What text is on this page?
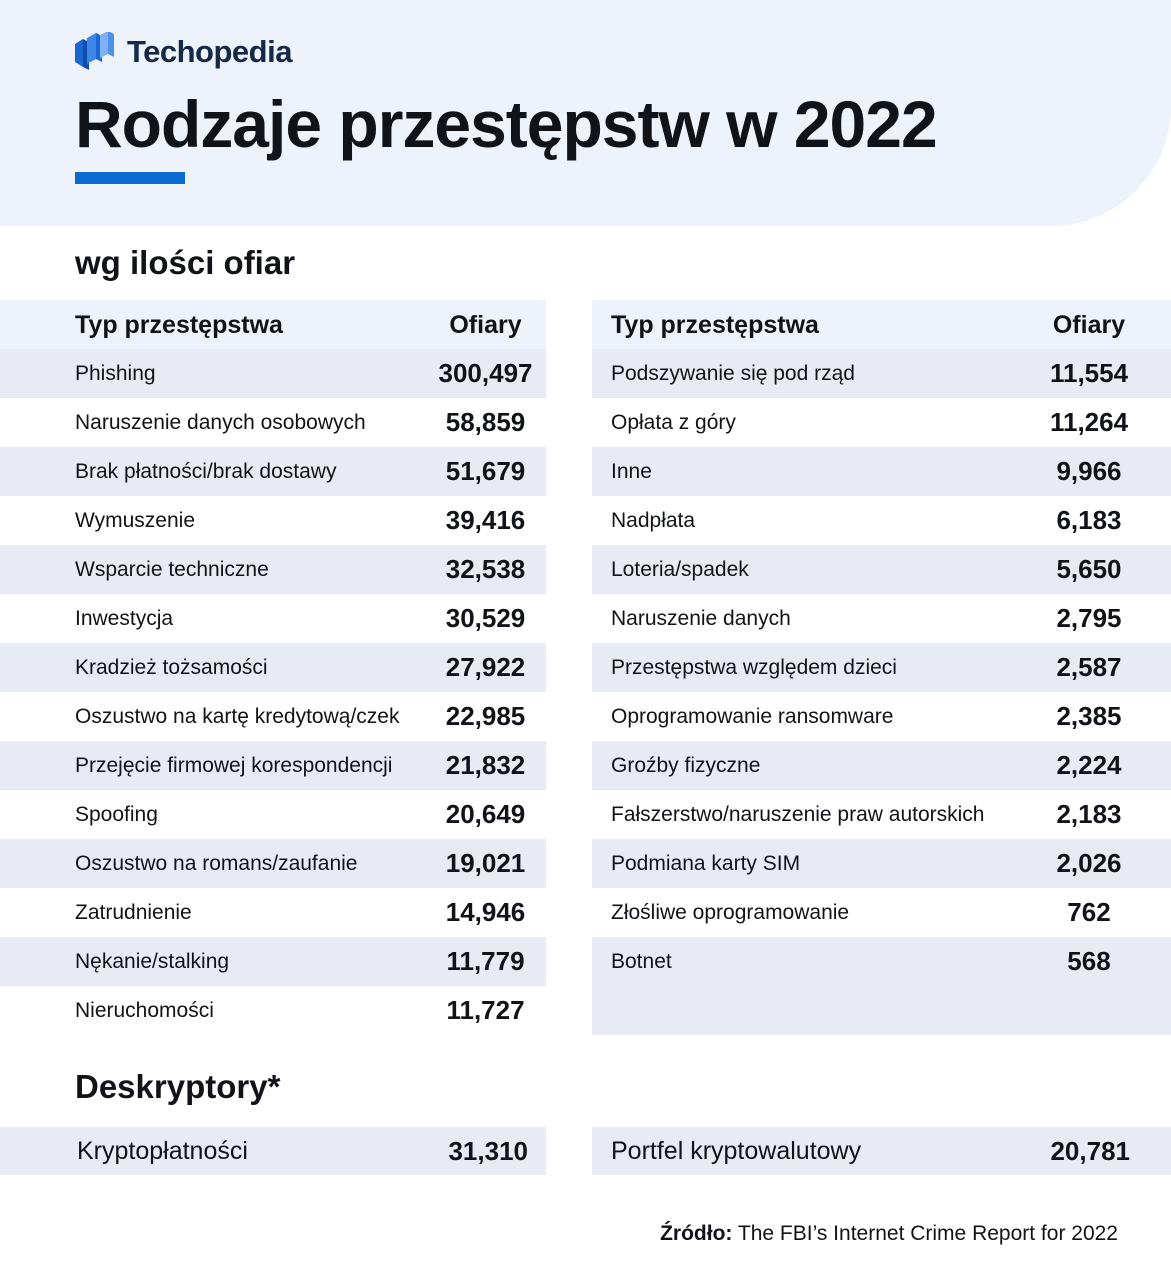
Techopedia
Rodzaje przestępstw w 2022
wg ilości ofiar
Typ przestępstwa	Ofiary
Phishing	300,497
Naruszenie danych osobowych	58,859
Brak płatności/brak dostawy	51,679
Wymuszenie	39,416
Wsparcie techniczne	32,538
Inwestycja	30,529
Kradzież tożsamości	27,922
Oszustwo na kartę kredytową/czek	22,985
Przejęcie firmowej korespondencji	21,832
Spoofing	20,649
Oszustwo na romans/zaufanie	19,021
Zatrudnienie	14,946
Nękanie/stalking	11,779
Nieruchomości	11,727
Typ przestępstwa	Ofiary
Podszywanie się pod rząd	11,554
Opłata z góry	11,264
Inne	9,966
Nadpłata	6,183
Loteria/spadek	5,650
Naruszenie danych	2,795
Przestępstwa względem dzieci	2,587
Oprogramowanie ransomware	2,385
Groźby fizyczne	2,224
Fałszerstwo/naruszenie praw autorskich	2,183
Podmiana karty SIM	2,026
Złośliwe oprogramowanie	762
Botnet	568
Deskryptory*
Kryptopłatności	31,310	Portfel kryptowalutowy	20,781
Źródło: The FBI’s Internet Crime Report for 2022
